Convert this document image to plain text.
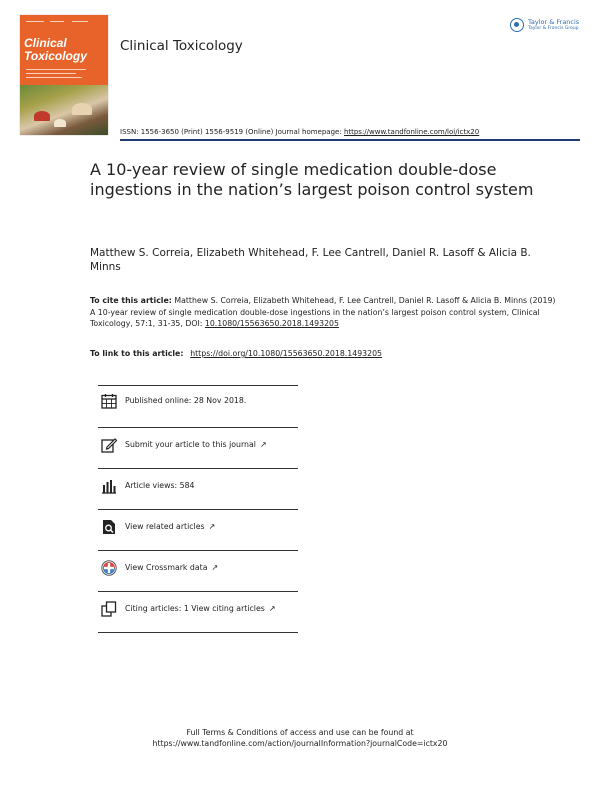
Clinical Toxicology
Clinical Toxicology
Taylor & Francis
Taylor & Francis Group
ISSN: 1556-3650 (Print) 1556-9519 (Online) Journal homepage: https://www.tandfonline.com/loi/ictx20
A 10-year review of single medication double-dose ingestions in the nation’s largest poison control system
Matthew S. Correia, Elizabeth Whitehead, F. Lee Cantrell, Daniel R. Lasoff & Alicia B. Minns
To cite this article: Matthew S. Correia, Elizabeth Whitehead, F. Lee Cantrell, Daniel R. Lasoff & Alicia B. Minns (2019) A 10-year review of single medication double-dose ingestions in the nation’s largest poison control system, Clinical Toxicology, 57:1, 31-35, DOI: 10.1080/15563650.2018.1493205
To link to this article: https://doi.org/10.1080/15563650.2018.1493205
Published online: 28 Nov 2018.
Submit your article to this journal ↗
Article views: 584
View related articles ↗
View Crossmark data ↗
Citing articles: 1 View citing articles ↗
Full Terms & Conditions of access and use can be found at
https://www.tandfonline.com/action/journalInformation?journalCode=ictx20
